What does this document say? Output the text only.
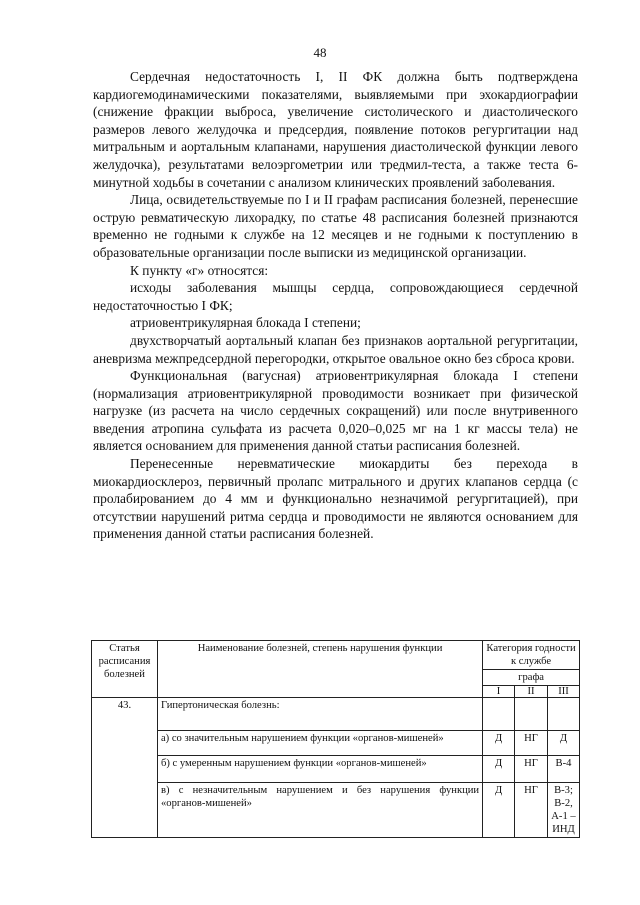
48

Сердечная недостаточность I, II ФК должна быть подтверждена кардиогемодинамическими показателями, выявляемыми при эхокардиографии (снижение фракции выброса, увеличение систолического и диастолического размеров левого желудочка и предсердия, появление потоков регургитации над митральным и аортальным клапанами, нарушения диастолической функции левого желудочка), результатами велоэргометрии или тредмил-теста, а также теста 6-минутной ходьбы в сочетании с анализом клинических проявлений заболевания.

Лица, освидетельствуемые по I и II графам расписания болезней, перенесшие острую ревматическую лихорадку, по статье 48 расписания болезней признаются временно не годными к службе на 12 месяцев и не годными к поступлению в образовательные организации после выписки из медицинской организации.

К пункту «г» относятся:

исходы заболевания мышцы сердца, сопровождающиеся сердечной недостаточностью I ФК;

атриовентрикулярная блокада I степени;

двухстворчатый аортальный клапан без признаков аортальной регургитации, аневризма межпредсердной перегородки, открытое овальное окно без сброса крови.

Функциональная (вагусная) атриовентрикулярная блокада I степени (нормализация атриовентрикулярной проводимости возникает при физической нагрузке (из расчета на число сердечных сокращений) или после внутривенного введения атропина сульфата из расчета 0,020–0,025 мг на 1 кг массы тела) не является основанием для применения данной статьи расписания болезней.

Перенесенные неревматические миокардиты без перехода в миокардиосклероз, первичный пролапс митрального и других клапанов сердца (с пролабированием до 4 мм и функционально незначимой регургитацией), при отсутствии нарушений ритма сердца и проводимости не являются основанием для применения данной статьи расписания болезней.

Статья расписания болезней	Наименование болезней, степень нарушения функции	Категория годности к службе		
		графа		
		I	II	III
43.	Гипертоническая болезнь:			
	а) со значительным нарушением функции «органов-мишеней»	Д	НГ	Д
	б) с умеренным нарушением функции «органов-мишеней»	Д	НГ	В-4
	в) с незначительным нарушением и без нарушения функции «органов-мишеней»	Д	НГ	В-3; В-2, А-1 – ИНД
